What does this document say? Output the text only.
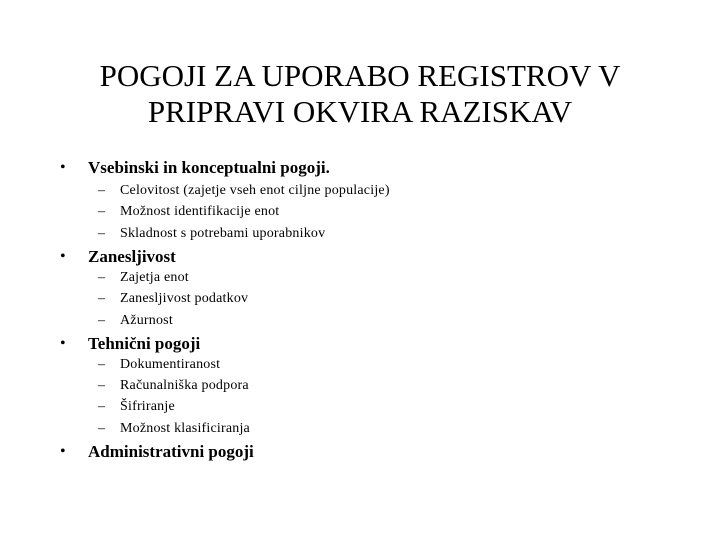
POGOJI ZA UPORABO REGISTROV V PRIPRAVI OKVIRA RAZISKAV
• Vsebinski in konceptualni pogoji.
– Celovitost (zajetje vseh enot ciljne populacije)
– Možnost identifikacije enot
– Skladnost s potrebami uporabnikov
• Zanesljivost
– Zajetja enot
– Zanesljivost podatkov
– Ažurnost
• Tehnični pogoji
– Dokumentiranost
– Računalniška podpora
– Šifriranje
– Možnost klasificiranja
• Administrativni pogoji
